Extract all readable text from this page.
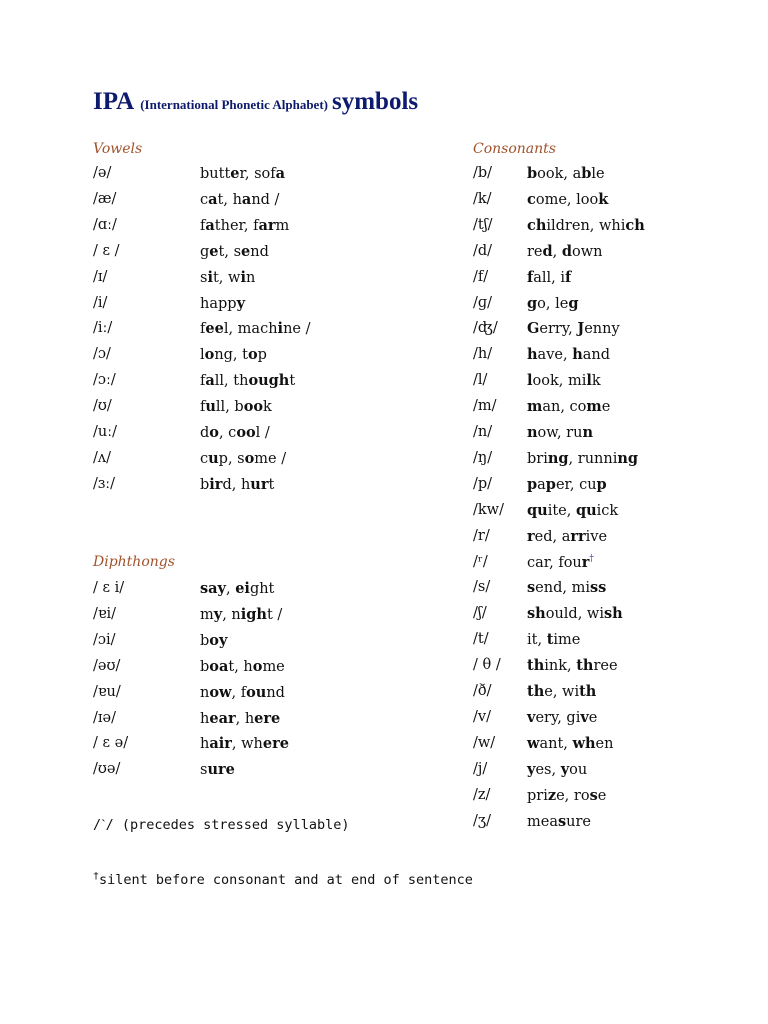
IPA (International Phonetic Alphabet) symbols
Vowels
/ə/	butter, sofa
/æ/	cat, hand /
/ɑː/	father, farm
/ ɛ /	get, send
/ɪ/	sit, win
/i/	happy
/iː/	feel, machine /
/ɔ/	long, top
/ɔː/	fall, thought
/ʊ/	full, book
/uː/	do, cool /
/ʌ/	cup, some /
/ɜː/	bird, hurt
Diphthongs
/ ɛ i/	say, eight
/ɐi/	my, night /
/ɔi/	boy
/əʊ/	boat, home
/ɐu/	now, found
/ɪə/	hear, here
/ ɛ ə/	hair, where
/ʊə/	sure
Consonants
/b/ book, able
/k/ come, look
/tʃ/ children, which
/d/ red, down
/f/	fall, if
/ɡ/ go, leg
/ʤ/ Gerry, Jenny
/h/ have, hand
/l/	look, milk
/m/ man, come
/n/ now, run
/ŋ/ bring, running
/p/ paper, cup
/kw/ quite, quick
/r/	red, arrive
/ʳ/	car, four†
/s/	send, miss
/ʃ/	should, wish
/t/	it, time
/ θ / think, three
/ð/ the, with
/v/ very, give
/w/ want, when
/j/	yes, you
/z/	prize, rose
/ʒ/ measure
/ˋ/ (precedes stressed syllable)
†silent before consonant and at end of sentence
